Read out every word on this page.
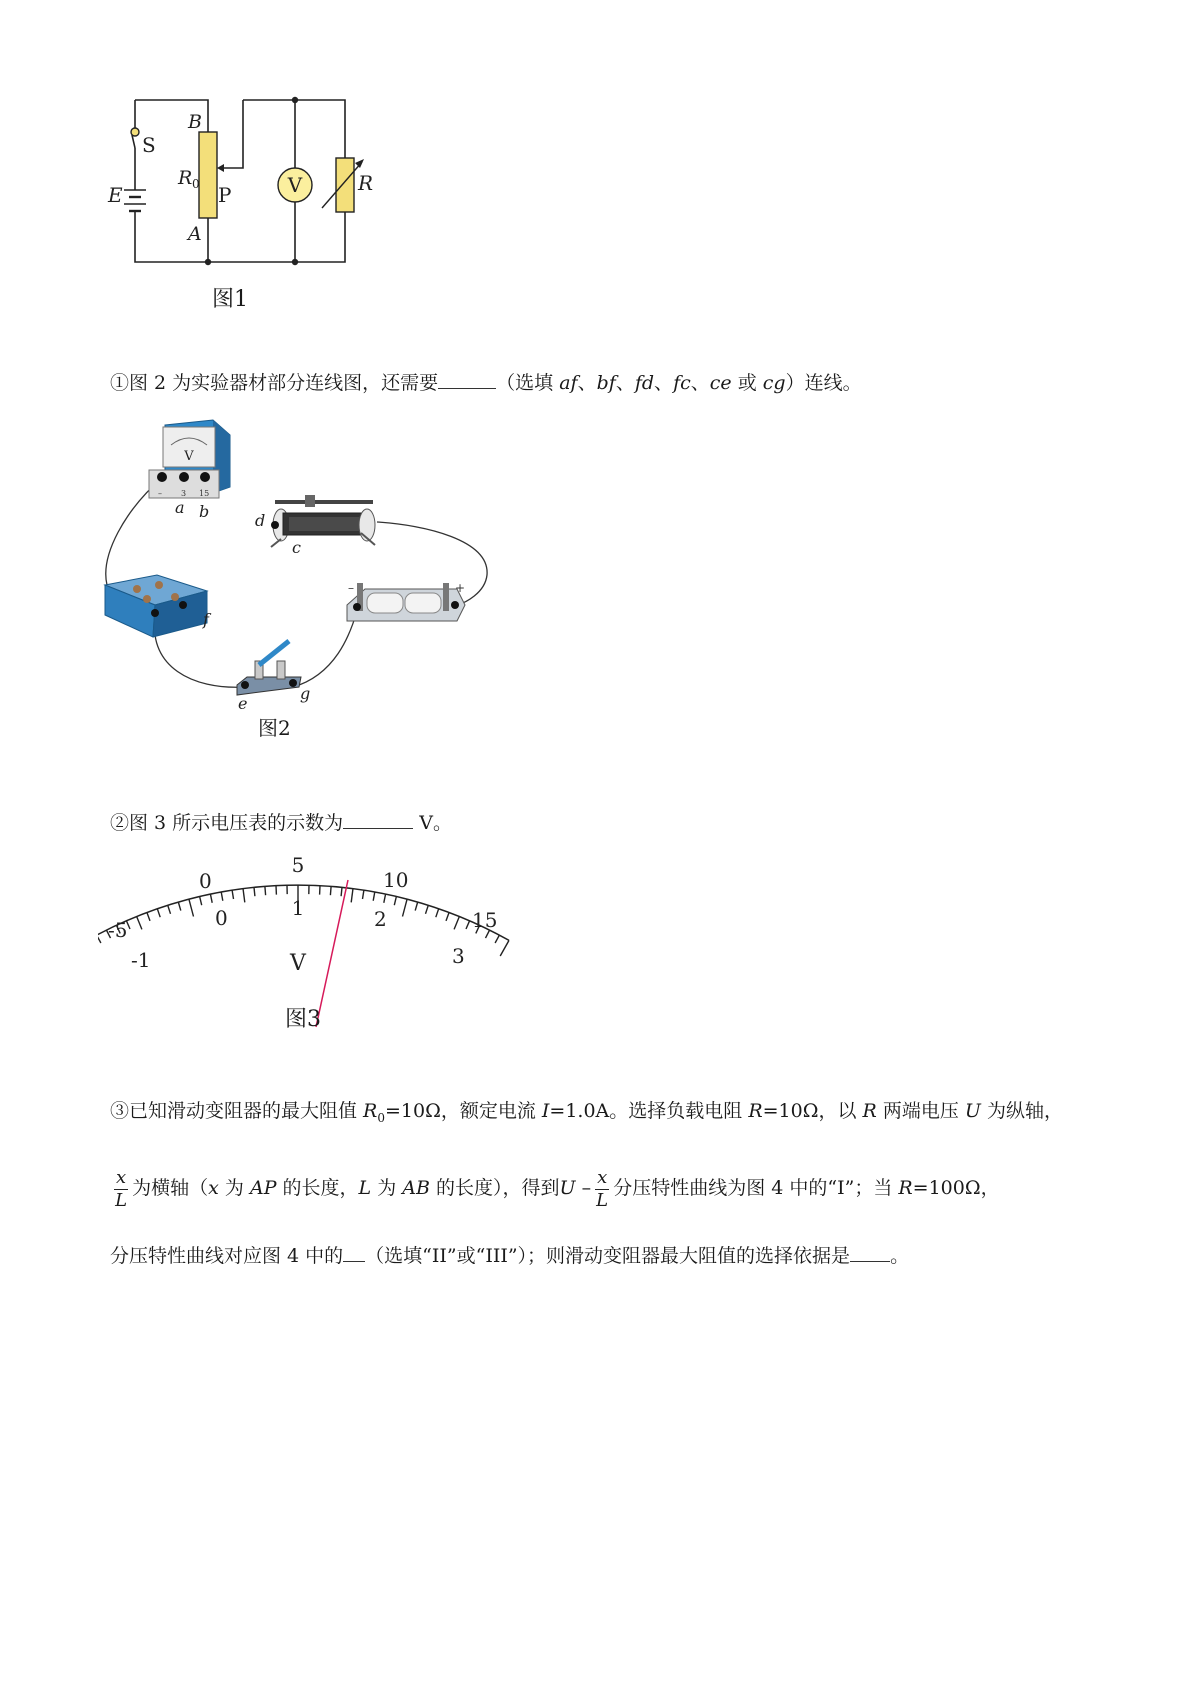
V
S
E
B
A
R 0 P	R
图1
①图 2 为实验器材部分连线图，还需要	（选填 af、bf、fd、fc、ce 或 cg）连线。
V
– 3 15
a b	d
c
–	+
f
e
g
图2
②图 3 所示电压表的示数为	V。
-5
0
5
10
15
-1
0	1	2
3
V
图3
③已知滑动变阻器的最大阻值 $R_0=10\Omega$，额定电流 I=1.0A。选择负载电阻 R=10Ω，以 R 两端电压 U 为纵轴，
$\frac{x}{L}$ 为横轴（x 为 AP 的长度，L 为 AB 的长度），得到U – $\frac{x}{L}$ 分压特性曲线为图 4 中的“I”；当 R=100Ω，
分压特性曲线对应图 4 中的 （选填“II”或“III”）；则滑动变阻器最大阻值的选择依据是 。
